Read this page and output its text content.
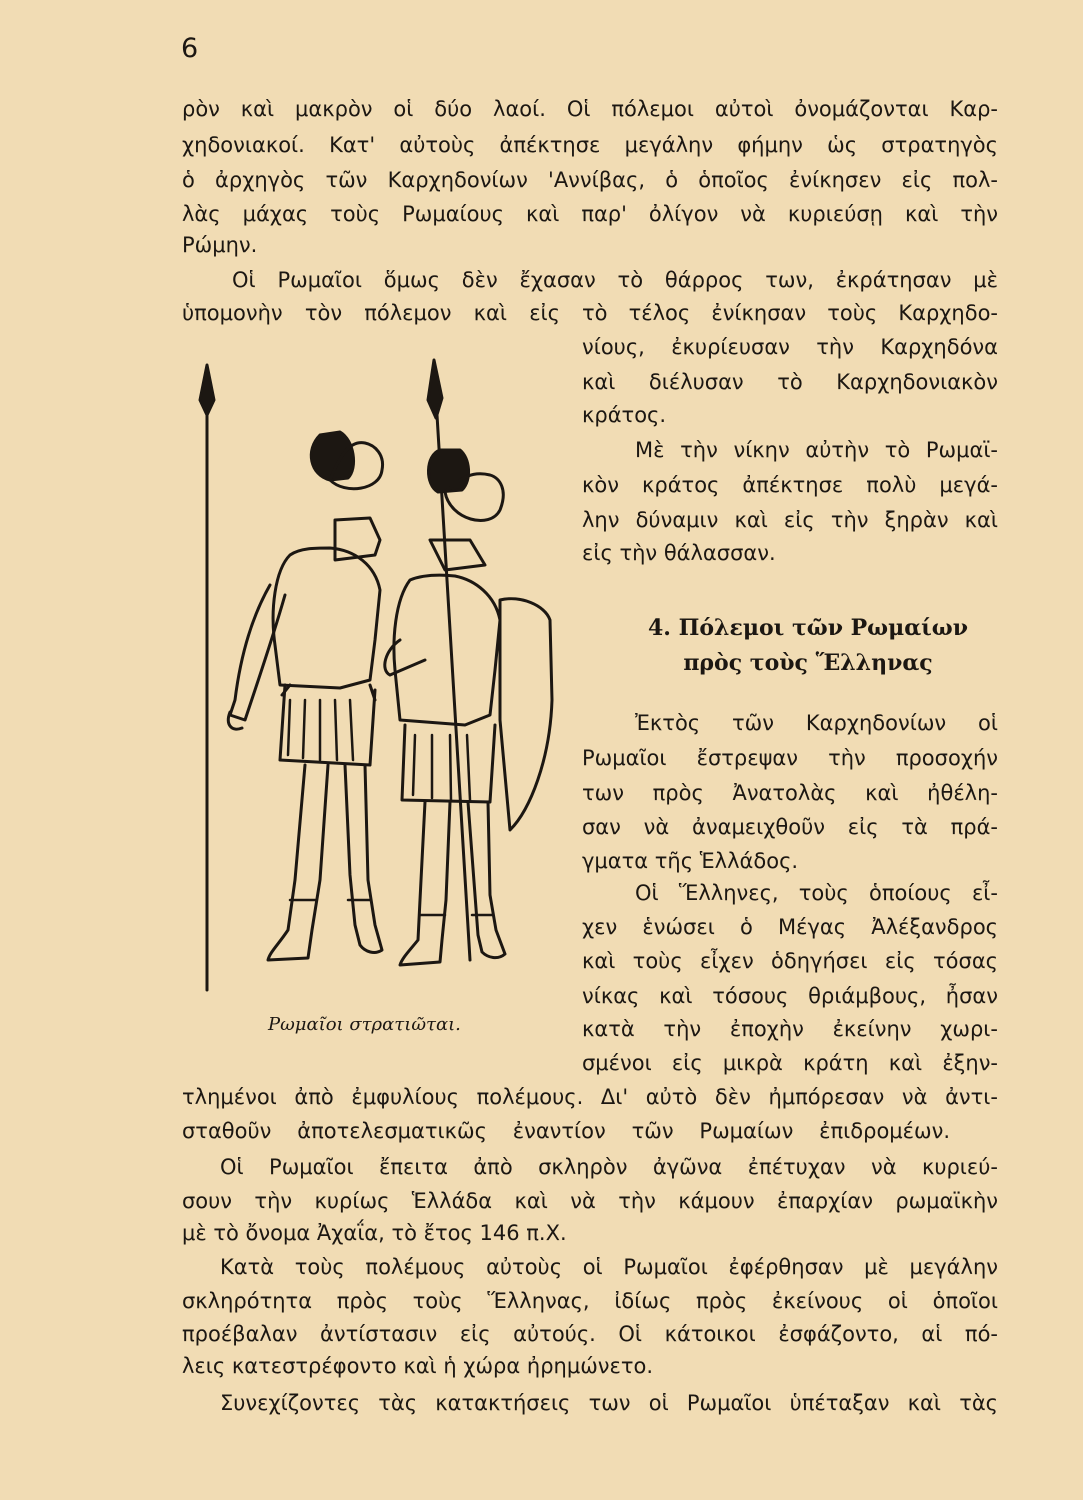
6
ρὸν καὶ μακρὸν οἱ δύο λαοί. Οἱ πόλεμοι αὐτοὶ ὀνομάζονται Καρ-
χηδονιακοί. Κατ' αὐτοὺς ἀπέκτησε μεγάλην φήμην ὡς στρατηγὸς
ὁ ἀρχηγὸς τῶν Καρχηδονίων 'Αννίβας, ὁ ὁποῖος ἐνίκησεν εἰς πολ-
λὰς μάχας τοὺς Ρωμαίους καὶ παρ' ὀλίγον νὰ κυριεύσῃ καὶ τὴν
Ρώμην.
Οἱ Ρωμαῖοι ὅμως δὲν ἔχασαν τὸ θάρρος των, ἐκράτησαν μὲ
ὑπομονὴν τὸν πόλεμον καὶ εἰς τὸ τέλος ἐνίκησαν τοὺς Καρχηδο-
νίους, ἐκυρίευσαν τὴν Καρχηδόνα
καὶ διέλυσαν τὸ Καρχηδονιακὸν
κράτος.
Μὲ τὴν νίκην αὐτὴν τὸ Ρωμαϊ-
κὸν κράτος ἀπέκτησε πολὺ μεγά-
λην δύναμιν καὶ εἰς τὴν ξηρὰν καὶ
εἰς τὴν θάλασσαν.
4. Πόλεμοι τῶν Ρωμαίων
πρὸς τοὺς Ἕλληνας
Ἐκτὸς τῶν Καρχηδονίων οἱ
Ρωμαῖοι ἔστρεψαν τὴν προσοχήν
των πρὸς Ἀνατολὰς καὶ ἠθέλη-
σαν νὰ ἀναμειχθοῦν εἰς τὰ πρά-
γματα τῆς Ἑλλάδος.
Οἱ Ἕλληνες, τοὺς ὁποίους εἶ-
χεν ἑνώσει ὁ Μέγας Ἀλέξανδρος
καὶ τοὺς εἶχεν ὁδηγήσει εἰς τόσας
νίκας καὶ τόσους θριάμβους, ἦσαν
κατὰ τὴν ἐποχὴν ἐκείνην χωρι-
σμένοι εἰς μικρὰ κράτη καὶ ἐξην-
Ρωμαῖοι στρατιῶται.
τλημένοι ἀπὸ ἐμφυλίους πολέμους. Δι' αὐτὸ δὲν ἠμπόρεσαν νὰ ἀντι-
σταθοῦν ἀποτελεσματικῶς ἐναντίον τῶν Ρωμαίων ἐπιδρομέων.
Οἱ Ρωμαῖοι ἔπειτα ἀπὸ σκληρὸν ἀγῶνα ἐπέτυχαν νὰ κυριεύ-
σουν τὴν κυρίως Ἑλλάδα καὶ νὰ τὴν κάμουν ἐπαρχίαν ρωμαϊκὴν
μὲ τὸ ὄνομα Ἀχαΐα, τὸ ἔτος 146 π.Χ.
Κατὰ τοὺς πολέμους αὐτοὺς οἱ Ρωμαῖοι ἐφέρθησαν μὲ μεγάλην
σκληρότητα πρὸς τοὺς Ἕλληνας, ἰδίως πρὸς ἐκείνους οἱ ὁποῖοι
προέβαλαν ἀντίστασιν εἰς αὐτούς. Οἱ κάτοικοι ἐσφάζοντο, αἱ πό-
λεις κατεστρέφοντο καὶ ἡ χώρα ἠρημώνετο.
Συνεχίζοντες τὰς κατακτήσεις των οἱ Ρωμαῖοι ὑπέταξαν καὶ τὰς
